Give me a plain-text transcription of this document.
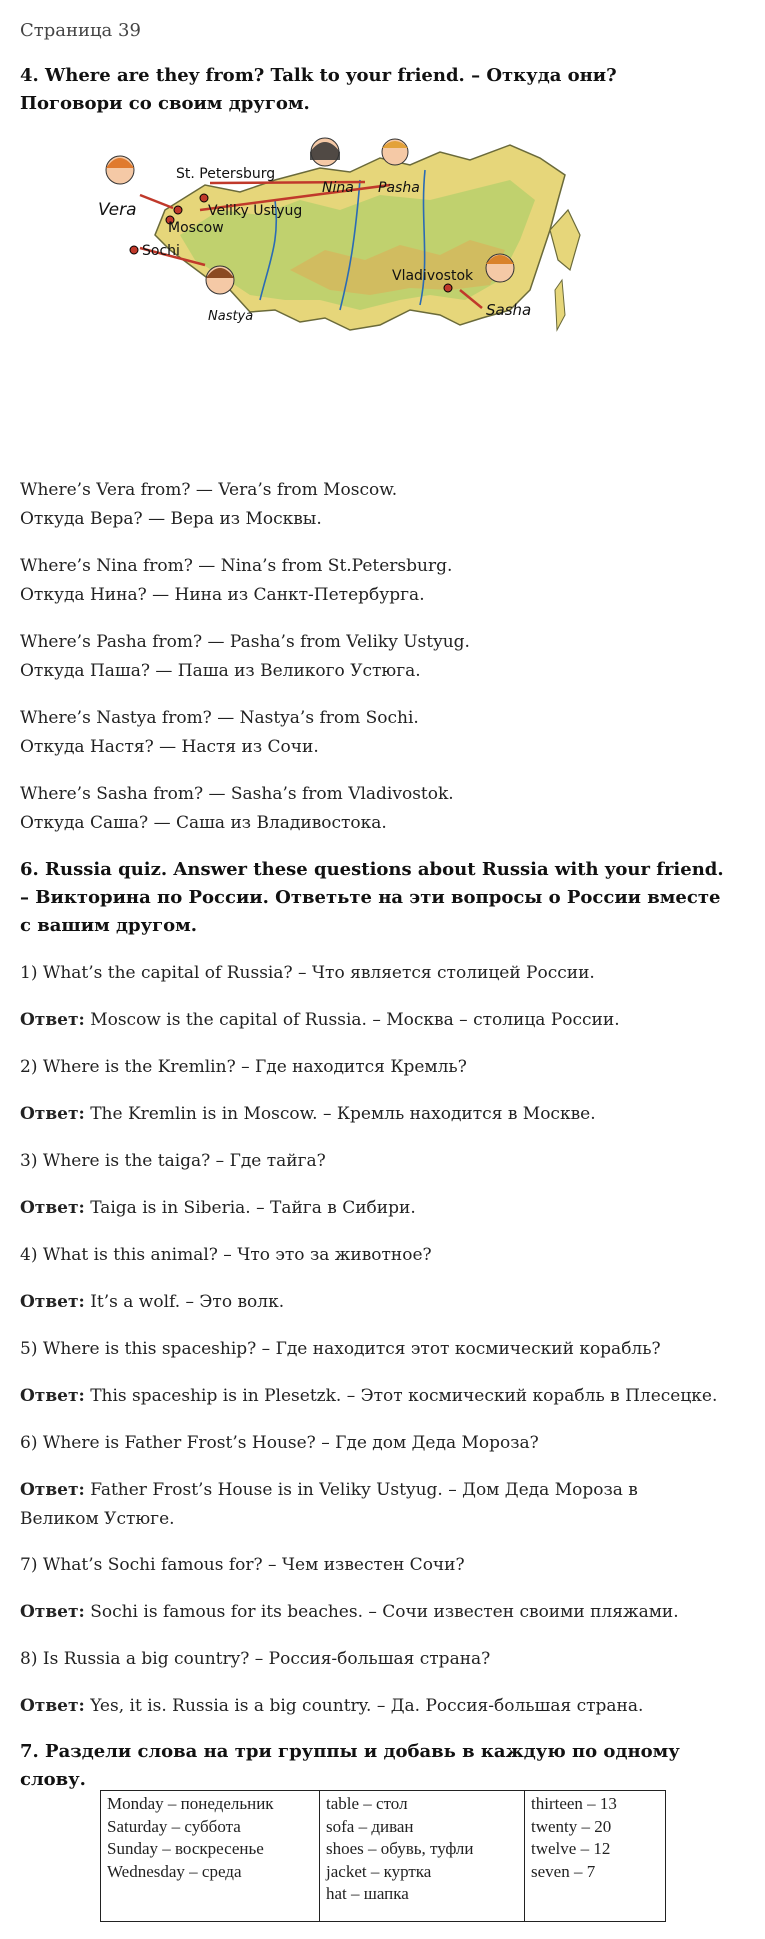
Страница 39
4. Where are they from? Talk to your friend. – Откуда они? Поговори со своим другом.
St. Petersburg
Veliky Ustyug
Moscow
Sochi
Vladivostok
Vera
Nina Pasha
Nastya	Sasha
Where’s Vera from? — Vera’s from Moscow.
Откуда Вера? — Вера из Москвы.
Where’s Nina from? — Nina’s from St.Petersburg.
Откуда Нина? — Нина из Санкт-Петербурга.
Where’s Pasha from? — Pasha’s from Veliky Ustyug.
Откуда Паша? — Паша из Великого Устюга.
Where’s Nastya from? — Nastya’s from Sochi.
Откуда Настя? — Настя из Сочи.
Where’s Sasha from? — Sasha’s from Vladivostok.
Откуда Саша? — Саша из Владивостока.
6. Russia quiz. Answer these questions about Russia with your friend. – Викторина по России. Ответьте на эти вопросы о России вместе с вашим другом.
1) What’s the capital of Russia? – Что является столицей России.
Ответ: Moscow is the capital of Russia. – Москва – столица России.
2) Where is the Kremlin? – Где находится Кремль?
Ответ: The Kremlin is in Moscow. – Кремль находится в Москве.
3) Where is the taiga? – Где тайга?
Ответ: Taiga is in Siberia. – Тайга в Сибири.
4) What is this animal? – Что это за животное?
Ответ: It’s a wolf. – Это волк.
5) Where is this spaceship? – Где находится этот космический корабль?
Ответ: This spaceship is in Plesetzk. – Этот космический корабль в Плесецке.
6) Where is Father Frost’s House? – Где дом Деда Мороза?
Ответ: Father Frost’s House is in Veliky Ustyug. – Дом Деда Мороза в Великом Устюге.
7) What’s Sochi famous for? – Чем известен Сочи?
Ответ: Sochi is famous for its beaches. – Сочи известен своими пляжами.
8) Is Russia a big country? – Россия-большая страна?
Ответ: Yes, it is. Russia is a big country. – Да. Россия-большая страна.
7. Раздели слова на три группы и добавь в каждую по одному слову.
Monday – понедельник
Saturday – суббота
Sunday – воскресенье
Wednesday – среда
table – стол
sofa – диван
shoes – обувь, туфли
jacket – куртка
hat – шапка
thirteen – 13
twenty – 20
twelve – 12
seven – 7
